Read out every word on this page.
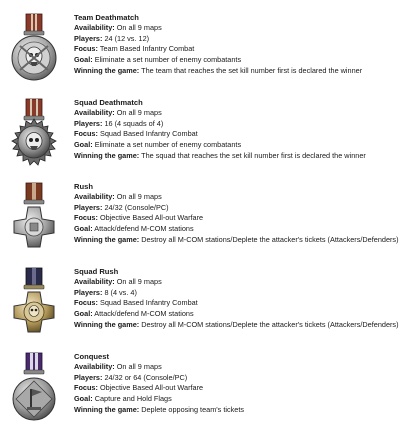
Team Deathmatch
Availability: On all 9 maps
Players: 24 (12 vs. 12)
Focus: Team Based Infantry Combat
Goal: Eliminate a set number of enemy combatants
Winning the game: The team that reaches the set kill number first is declared the winner
Squad Deathmatch
Availability: On all 9 maps
Players: 16 (4 squads of 4)
Focus: Squad Based Infantry Combat
Goal: Eliminate a set number of enemy combatants
Winning the game: The squad that reaches the set kill number first is declared the winner
Rush
Availability: On all 9 maps
Players: 24/32 (Console/PC)
Focus: Objective Based All-out Warfare
Goal: Attack/defend M-COM stations
Winning the game: Destroy all M-COM stations/Deplete the attacker's tickets (Attackers/Defenders)
Squad Rush
Availability: On all 9 maps
Players: 8 (4 vs. 4)
Focus: Squad Based Infantry Combat
Goal: Attack/defend M-COM stations
Winning the game: Destroy all M-COM stations/Deplete the attacker's tickets (Attackers/Defenders)
Conquest
Availability: On all 9 maps
Players: 24/32 or 64 (Console/PC)
Focus: Objective Based All-out Warfare
Goal: Capture and Hold Flags
Winning the game: Deplete opposing team's tickets
